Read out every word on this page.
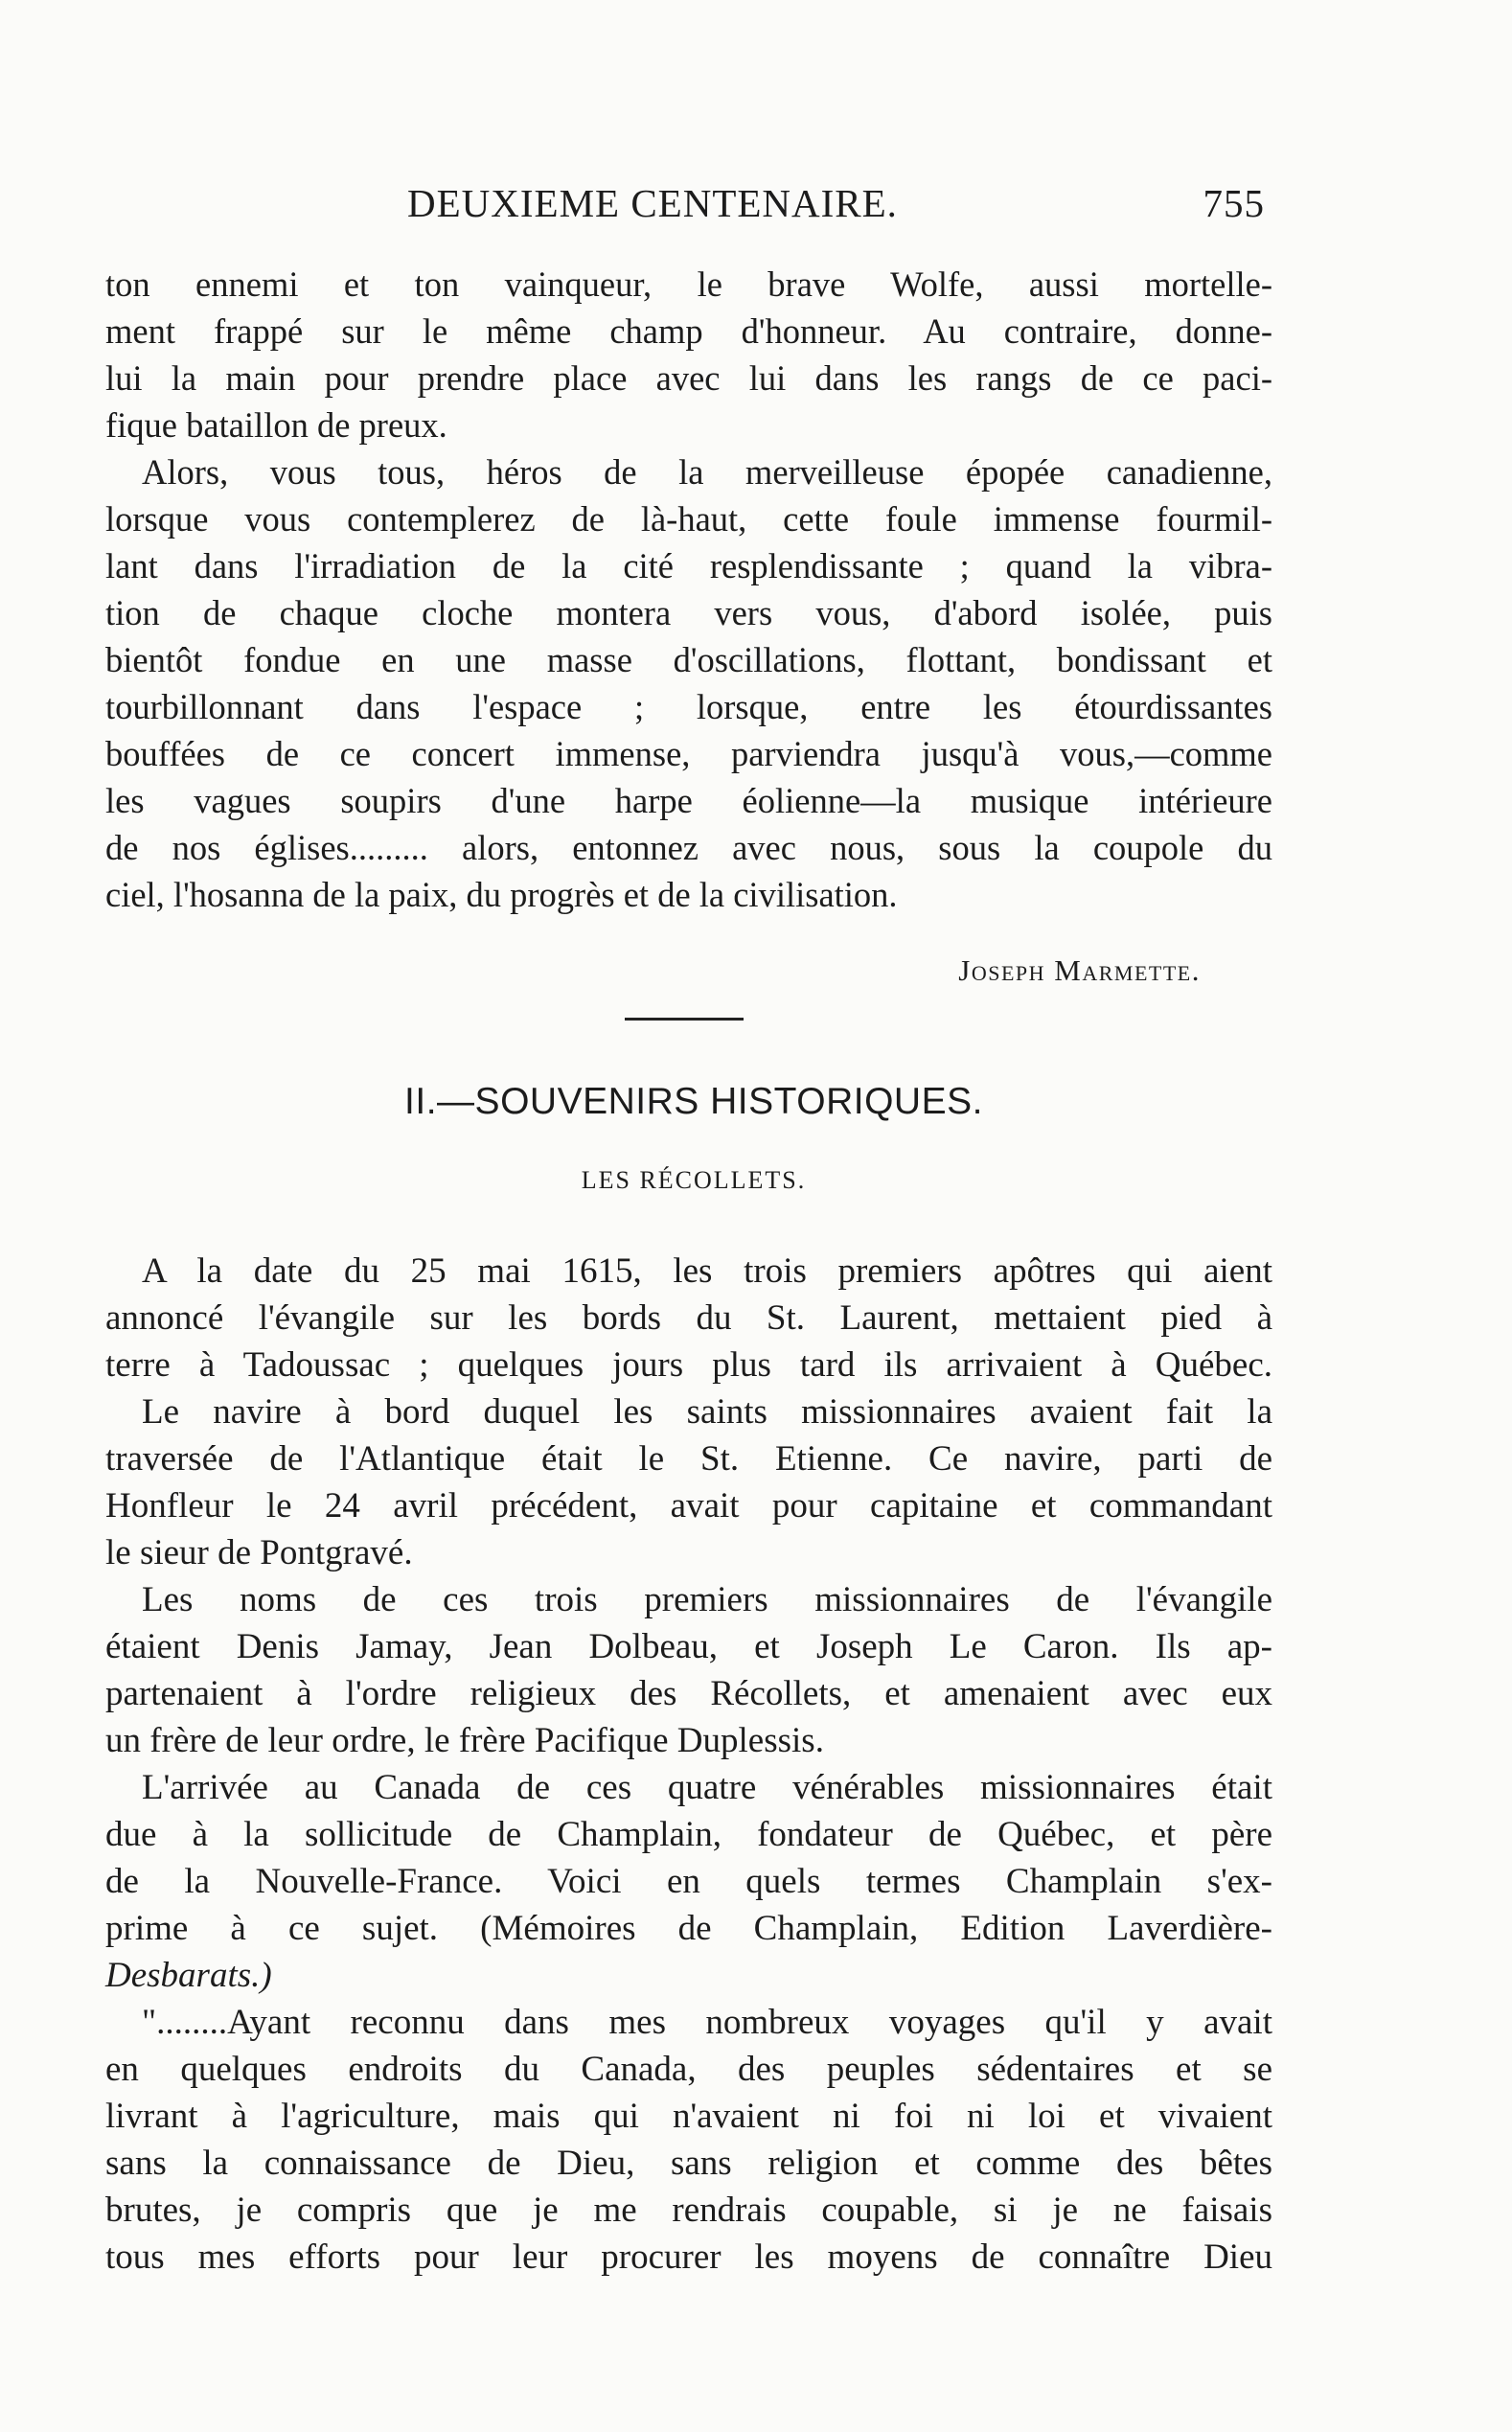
DEUXIEME CENTENAIRE.	755
ton ennemi et ton vainqueur, le brave Wolfe, aussi mortelle-
ment frappé sur le même champ d'honneur. Au contraire, donne-
lui la main pour prendre place avec lui dans les rangs de ce paci-
fique bataillon de preux.
Alors, vous tous, héros de la merveilleuse épopée canadienne,
lorsque vous contemplerez de là-haut, cette foule immense fourmil-
lant dans l'irradiation de la cité resplendissante ; quand la vibra-
tion de chaque cloche montera vers vous, d'abord isolée, puis
bientôt fondue en une masse d'oscillations, flottant, bondissant et
tourbillonnant dans l'espace ; lorsque, entre les étourdissantes
bouffées de ce concert immense, parviendra jusqu'à vous,—comme
les vagues soupirs d'une harpe éolienne—la musique intérieure
de nos églises......... alors, entonnez avec nous, sous la coupole du
ciel, l'hosanna de la paix, du progrès et de la civilisation.
Joseph Marmette.
II.—SOUVENIRS HISTORIQUES.
LES RÉCOLLETS.
A la date du 25 mai 1615, les trois premiers apôtres qui aient
annoncé l'évangile sur les bords du St. Laurent, mettaient pied à
terre à Tadoussac ; quelques jours plus tard ils arrivaient à Québec.
Le navire à bord duquel les saints missionnaires avaient fait la
traversée de l'Atlantique était le St. Etienne. Ce navire, parti de
Honfleur le 24 avril précédent, avait pour capitaine et commandant
le sieur de Pontgravé.
Les noms de ces trois premiers missionnaires de l'évangile
étaient Denis Jamay, Jean Dolbeau, et Joseph Le Caron. Ils ap-
partenaient à l'ordre religieux des Récollets, et amenaient avec eux
un frère de leur ordre, le frère Pacifique Duplessis.
L'arrivée au Canada de ces quatre vénérables missionnaires était
due à la sollicitude de Champlain, fondateur de Québec, et père
de la Nouvelle-France. Voici en quels termes Champlain s'ex-
prime à ce sujet. (Mémoires de Champlain, Edition Laverdière-
Desbarats.)
"........Ayant reconnu dans mes nombreux voyages qu'il y avait
en quelques endroits du Canada, des peuples sédentaires et se
livrant à l'agriculture, mais qui n'avaient ni foi ni loi et vivaient
sans la connaissance de Dieu, sans religion et comme des bêtes
brutes, je compris que je me rendrais coupable, si je ne faisais
tous mes efforts pour leur procurer les moyens de connaître Dieu
